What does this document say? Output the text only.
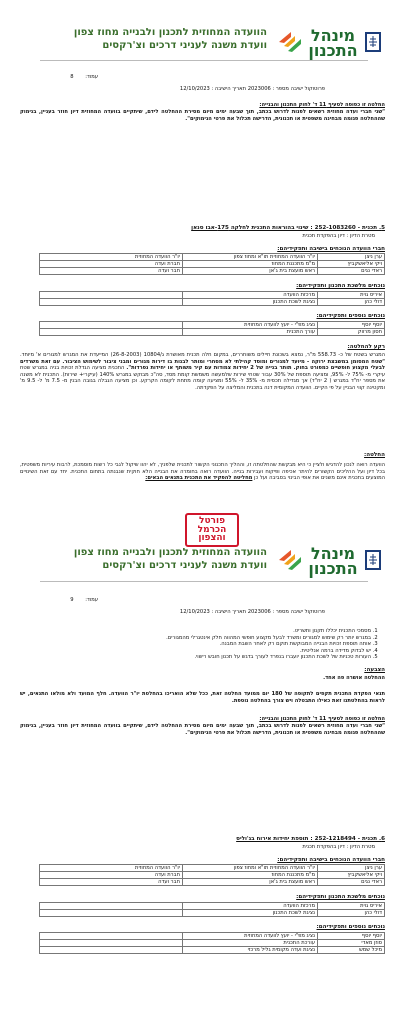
מינהל
התכנון
הוועדה המחוזית לתכנון ולבנייה מחוז צפון
וועדת משנה לעניני דרכים וצ'רקסים
עמוד: 8
פרוטוקול ישיבה מספר : 2023006 תאריך הישיבה : 12/10/2023
החלטה זו כפופה לסעיף 11 ד' לחוק התכנון והבנייה:
"שני חברי ועדה מחוזית רשאים לפנות לדרוש בכתב, תוך שבעה ימים מיום מסירת ההחלטה לידם, שיתקיים בוועדה המחוזית דיון חוזר בעניין, בנימוק שההחלטה פגומה מבחינה משפטית או תכנונית, הדרישה תכלול את פרטי הנימוקים".
5. תכנית - 252-1083260 : שינוי בהוראות התכנית לחלקה 175-אבו סנאן
מטרת הדיון : דיון בהפקדת תכנית
חברי הוועדה הנוכחים בישיבה ותפקידיהם:
ערן ניצן	יו"ר הוועדה המחוזית תו"א ומחוז צפון	יו"ר הוועדה המחוזית
ויקי אליאשקביץ	מ"מ מתכננת המחוז	חברת ועדה
ראדי נגים	ראש מועצת בית ג'אן	חבר ועדה
נוכחים מלשכת התכנון ותפקידיהם:
איריס גוית	מרכזת הוועדה	
דולי כהן	נציגת לשכת התכנון	
נוכחים נוספים ותפקידיהם:
יוסף יוסף	נציג מפ"י - יועץ לוועדה המחוזית	
חסון מרווק	עורך התכנית	
רקע להחלטה:
המגרש בשטח של כ- 558.73 מ"ר, נמצא בשכונת חיילים משוחררים, במקום חלה תכנית מאושרת ג/10804 (26-8-2003) המייעדת את המגרש למגורים א' מיוחד. "שטח המסומן במשבצת ירוקה - מיועד למגורים ומוסד קהילתי לא מסחרי ומותר לבנות בו דירות מגורים ומבני ציבור לשימוש הציבור. עם זאת משרדים לבעלי מקצוע חופשיים כמפורט בחוק. תותר בנייה של 2 יחידות צמודות עם קיר משותף או יחידות נפרדות". התכנית מציעה הגדלת זכויות בניה במגרש שטח עיקרי מ- 75% ל- 95%, ומציעה תוספת של 30% עבור שטחי שירות שלמעשה משמשת קומת מסד, סה"כ מבוקש במגרש 140% (עיקרי+ שירות). התכנית לא משנה את מספר יח"ד במגרש ( 2 יח"ד) אך מגדילה תכסית מ- 35% ל- 55% ומציעה קומה מתחת לקומה הקרקע. וכן מציעה הגבלה בגובה הבנין מ- 7.5 מ' ל- 9.5 מ' ומקטינה קווי הבניין על פי הקיים. הוועדה המקומית דנה בתכנית והמליצה על הפקדתה.
החלטה:
הוועדה רואה לנכון להדגיש ולציין כי היא מבקשת שהחלטתה זו, וההליך התכנוני הקשור לתכנית שלפניך, לא יהוו שיקול לגבי כל רשות מוסמכת, לרבות עיריות משפטית, בכל דיון ועל ההליכים הקשורים להיתר אכיפה ופיקוח ועבירות בנייה. הוועדה רואה בחומרה את הבנייה הלא חוקית שנבנתה בתחום התכנית. יחד עם זאת השינויים המוצעים בתכנית אינם משנים את אופי הבינוי בסביבה ועל כן מחליטה להפקיד את התכנית בתנאים הבאים:
פורטל
הכרמל
והצפון
מינהל
התכנון
הוועדה המחוזית לתכנון ולבנייה מחוז צפון
וועדת משנה לעניני דרכים וצ'רקסים
עמוד: 9
פרוטוקול ישיבה מספר : 2023006 תאריך הישיבה : 12/10/2023
1. מסמכי התכנית יכללו תקנון ותשריט.
2. במגרש יותר רק שימוש למגורים ומשרד לבעל מקצוע חופשי המהווה חלק אינטגרלי מהמגורים.
3. אותה תוספת זכויות הבנייה המבוקשת תוקם רק לאחר השבת המבנה.
4. יש לבדוק מדידה ברמה אנליטית.
5. העורות טכניות של לשכת התכנון יועברו בנפרד לעורך בדגש על תכנון חובש רישוי.
הצבעה:
ההחלטה אושרה פה אחד.
תנאי הפקדת התכנית תקפים לתקופה של 180 יום ממועד החלטה זאת, ככל שלא הואריכו בהחלטת יו"ר הוועדה. חלף המועד ולא מולאו התנאים, יש לראות בהחלטתנו זאת כאילו התבטלה ויש צורך בהחלטה נוספת.
החלטה זו כפופה לסעיף 11 ד' לחוק התכנון והבנייה:
"שני חברי ועדה מחוזית רשאים לפנות לדרוש בכתב, תוך שבעה ימים מיום מסירת ההחלטה לידם, שיתקיים בוועדה המחוזית דיון חוזר בעניין, בנימוק שההחלטה פגומה מבחינה משפטית או תכנונית, הדרישה תכלול את פרטי הנימוקים".
6. תכנית - 252-1218494 : תוספת יחידות אירוח בג'וליס
מטרת הדיון : דיון בהפקדת תכנית
חברי הוועדה הנוכחים בישיבה ותפקידיהם:
ערן ניצן	יו"ר הוועדה המחוזית תו"א ומחוז צפון	יו"ר הוועדה המחוזית
ויקי אליאשקביץ	מ"מ מתכננת המחוז	חברת ועדה
ראדי נגים	ראש מועצת בית ג'אן	חבר ועדה
נוכחים מלשכת התכנון ותפקידיהם:
איריס גוית	מרכזת הוועדה	
דולי כהן	נציגת לשכת התכנון	
נוכחים נוספים ותפקידיהם:
יוסף יוסף	נציג מפ"י - יועץ לוועדה המחוזית	
סוזן מאדי	עורכת התכנית	
מיכל שמש	נציגת ועדה מקומית גליל מרכזי	
